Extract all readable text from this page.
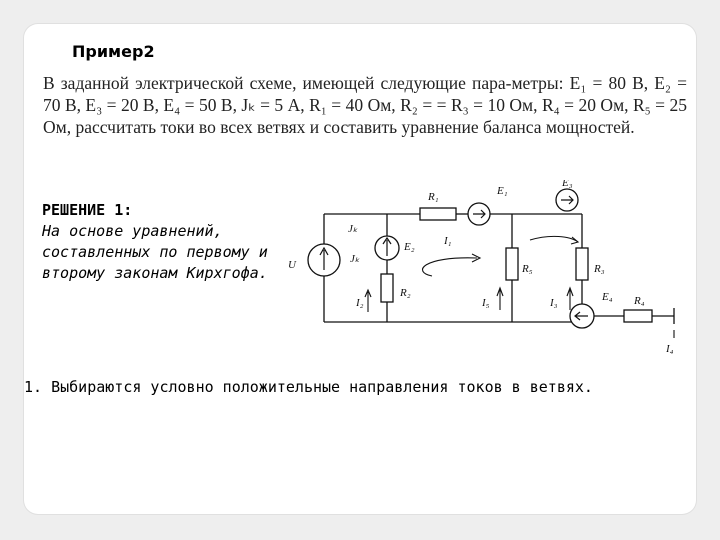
Пример2

В заданной электрической схеме, имеющей следующие пара-метры: E₁ = 80 В, E₂ = 70 В, E₃ = 20 В, E₄ = 50 В, Jₖ = 5 А, R₁ = 40 Ом, R₂ = = R₃ = 10 Ом, R₄ = 20 Ом, R₅ = 25 Ом, рассчитать токи во всех ветвях и составить уравнение баланса мощностей.

РЕШЕНИЕ 1:
На основе уравнений, составленных по первому и второму законам Кирхгофа.
R₁	E₁
E₃
Jₖ
Jₖ
U
E₂	I₁
R₅	R₃
R₂
I₂	I₅	I₃	E₄ R₄
I₄
1. Выбираются условно положительные направления токов в ветвях.
